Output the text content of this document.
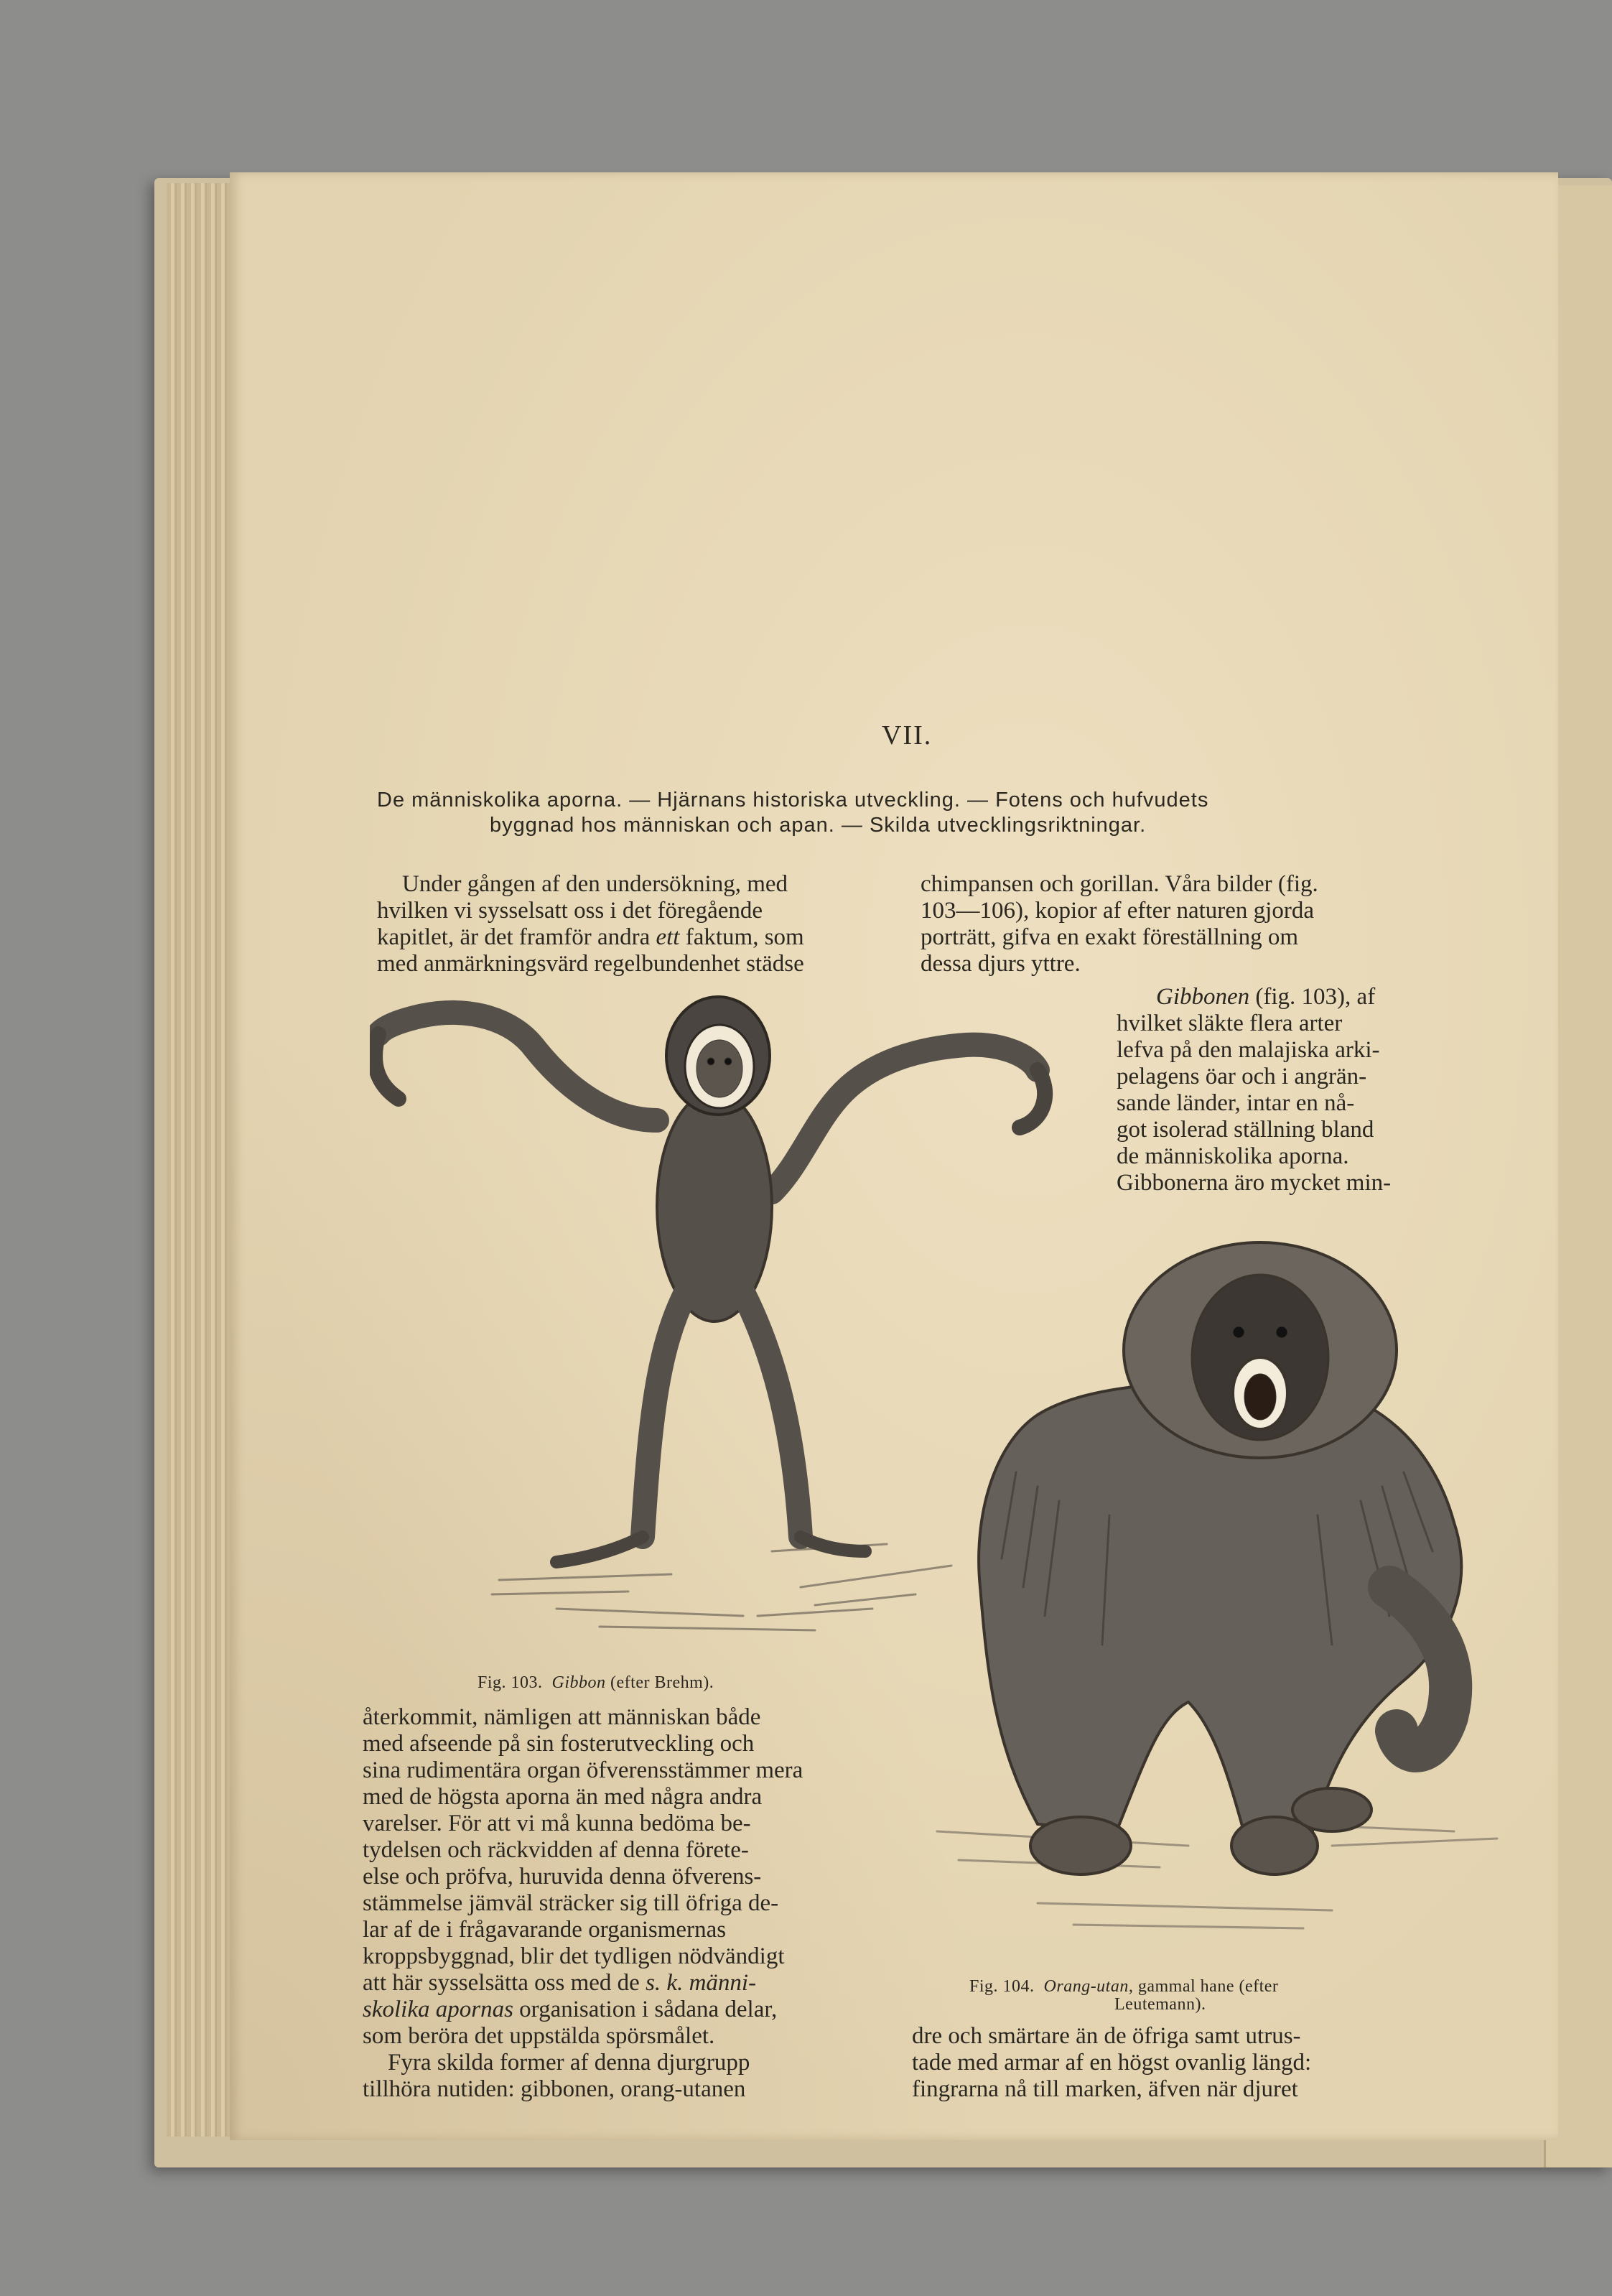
VII.

De människolika aporna. — Hjärnans historiska utveckling. — Fotens och hufvudets

byggnad hos människan och apan. — Skilda utvecklingsriktningar.

Under gången af den undersökning, med

hvilken vi sysselsatt oss i det föregående

kapitlet, är det framför andra ett faktum, som

med anmärkningsvärd regelbundenhet städse

chimpansen och gorillan. Våra bilder (fig.

103—106), kopior af efter naturen gjorda

porträtt, gifva en exakt föreställning om

dessa djurs yttre.

Gibbonen (fig. 103), af

hvilket släkte flera arter

lefva på den malajiska arki-

pelagens öar och i angrän-

sande länder, intar en nå-

got isolerad ställning bland

de människolika aporna.

Gibbonerna äro mycket min-

Fig. 103. Gibbon (efter Brehm).

Fig. 104. Orang-utan, gammal hane (efter

Leutemann).

återkommit, nämligen att människan både

med afseende på sin fosterutveckling och

sina rudimentära organ öfverensstämmer mera

med de högsta aporna än med några andra

varelser. För att vi må kunna bedöma be-

tydelsen och räckvidden af denna förete-

else och pröfva, huruvida denna öfverens-

stämmelse jämväl sträcker sig till öfriga de-

lar af de i frågavarande organismernas

kroppsbyggnad, blir det tydligen nödvändigt

att här sysselsätta oss med de s. k. männi-

skolika apornas organisation i sådana delar,

som beröra det uppstälda spörsmålet.

Fyra skilda former af denna djurgrupp

tillhöra nutiden: gibbonen, orang-utanen

dre och smärtare än de öfriga samt utrus-

tade med armar af en högst ovanlig längd:

fingrarna nå till marken, äfven när djuret
